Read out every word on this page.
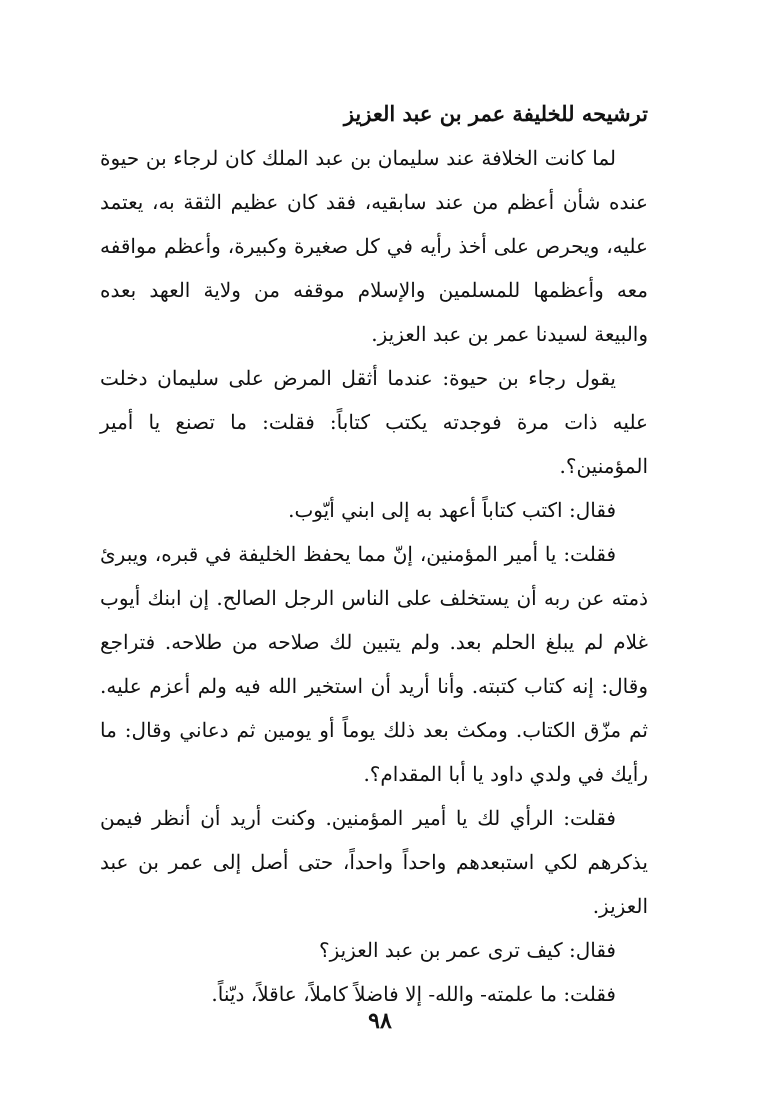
ترشيحه للخليفة عمر بن عبد العزيز

لما كانت الخلافة عند سليمان بن عبد الملك كان لرجاء بن حيوة عنده شأن أعظم من عند سابقيه، فقد كان عظيم الثقة به، يعتمد عليه، ويحرص على أخذ رأيه في كل صغيرة وكبيرة، وأعظم مواقفه معه وأعظمها للمسلمين والإسلام موقفه من ولاية العهد بعده والبيعة لسيدنا عمر بن عبد العزيز.

يقول رجاء بن حيوة: عندما أثقل المرض على سليمان دخلت عليه ذات مرة فوجدته يكتب كتاباً: فقلت: ما تصنع يا أمير المؤمنين؟.

فقال: اكتب كتاباً أعهد به إلى ابني أيّوب.

فقلت: يا أمير المؤمنين، إنّ مما يحفظ الخليفة في قبره، ويبرئ ذمته عن ربه أن يستخلف على الناس الرجل الصالح. إن ابنك أيوب غلام لم يبلغ الحلم بعد. ولم يتبين لك صلاحه من طلاحه. فتراجع وقال: إنه كتاب كتبته. وأنا أريد أن استخير الله فيه ولم أعزم عليه. ثم مزّق الكتاب. ومكث بعد ذلك يوماً أو يومين ثم دعاني وقال: ما رأيك في ولدي داود يا أبا المقدام؟.

فقلت: الرأي لك يا أمير المؤمنين. وكنت أريد أن أنظر فيمن يذكرهم لكي استبعدهم واحداً واحداً، حتى أصل إلى عمر بن عبد العزيز.

فقال: كيف ترى عمر بن عبد العزيز؟

فقلت: ما علمته- والله- إلا فاضلاً كاملاً، عاقلاً، ديّناً.

٩٨
